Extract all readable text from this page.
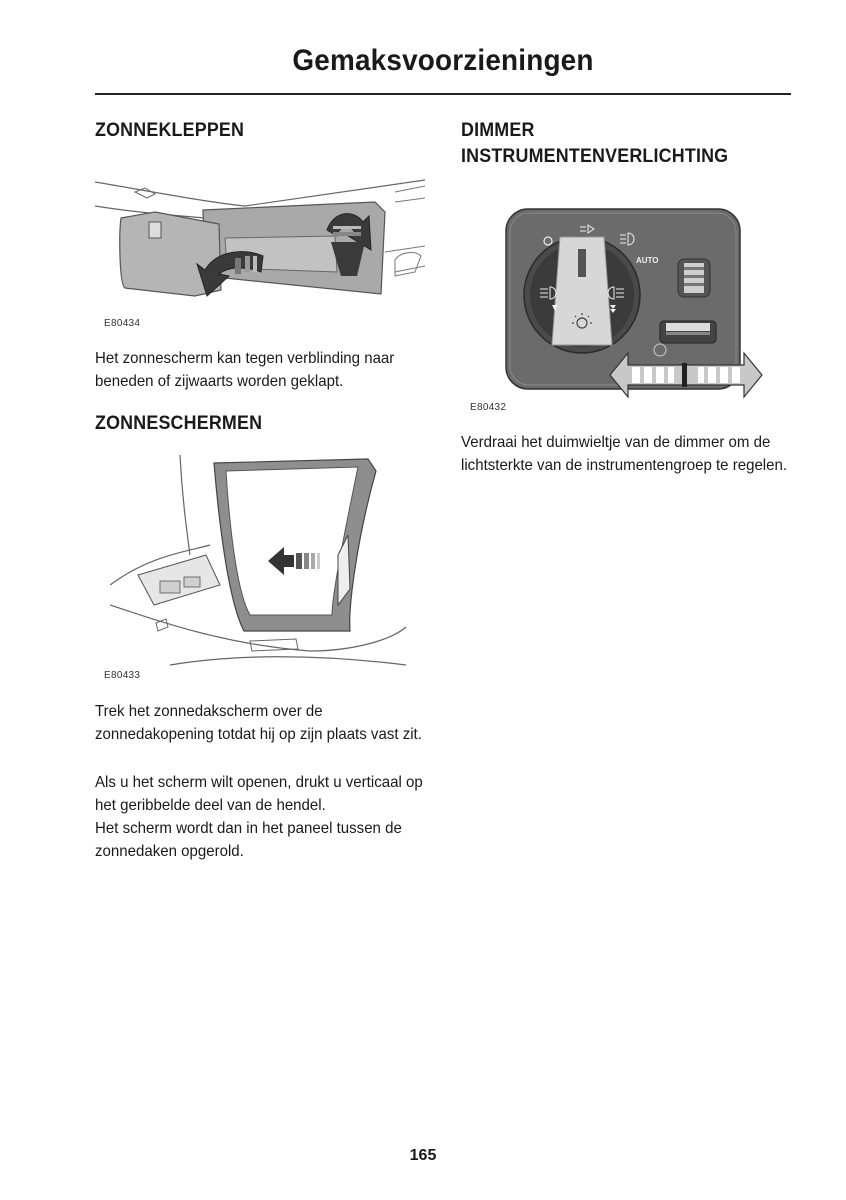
Gemaksvoorzieningen
ZONNEKLEPPEN
E80434
Het zonnescherm kan tegen verblinding naar beneden of zijwaarts worden geklapt.
ZONNESCHERMEN
E80433
Trek het zonnedakscherm over de zonnedakopening totdat hij op zijn plaats vast zit.
Als u het scherm wilt openen, drukt u verticaal op het geribbelde deel van de hendel.
Het scherm wordt dan in het paneel tussen de zonnedaken opgerold.
DIMMER
INSTRUMENTENVERLICHTING
AUTO
E80432
Verdraai het duimwieltje van de dimmer om de lichtsterkte van de instrumentengroep te regelen.
165
